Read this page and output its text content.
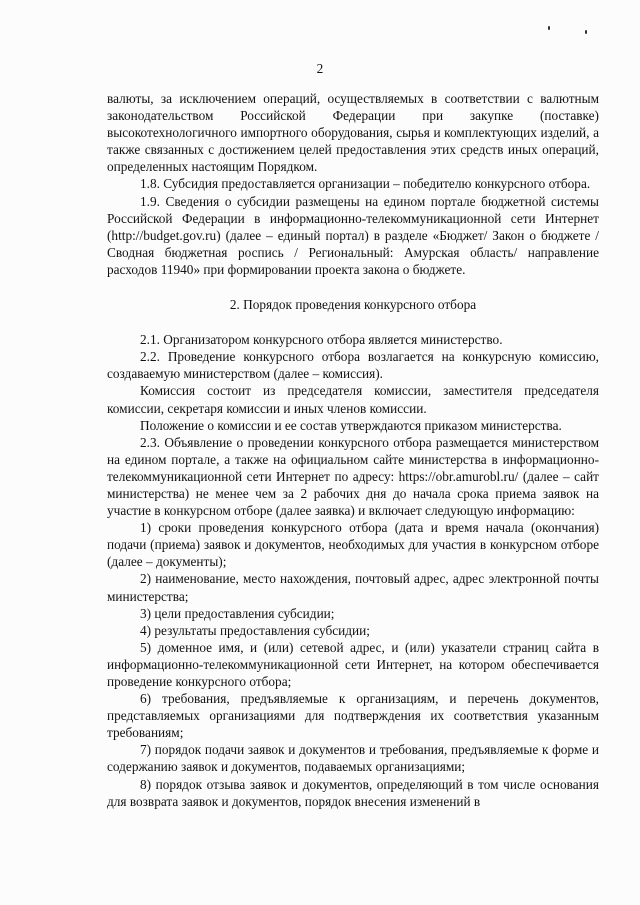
2

валюты, за исключением операций, осуществляемых в соответствии с валютным законодательством Российской Федерации при закупке (поставке) высокотехнологичного импортного оборудования, сырья и комплектующих изделий, а также связанных с достижением целей предоставления этих средств иных операций, определенных настоящим Порядком.

1.8. Субсидия предоставляется организации – победителю конкурсного отбора.

1.9. Сведения о субсидии размещены на едином портале бюджетной системы Российской Федерации в информационно-телекоммуникационной сети Интернет (http://budget.gov.ru) (далее – единый портал) в разделе «Бюджет/ Закон о бюджете / Сводная бюджетная роспись / Региональный: Амурская область/ направление расходов 11940» при формировании проекта закона о бюджете.

2. Порядок проведения конкурсного отбора

2.1. Организатором конкурсного отбора является министерство.

2.2. Проведение конкурсного отбора возлагается на конкурсную комиссию, создаваемую министерством (далее – комиссия).

Комиссия состоит из председателя комиссии, заместителя председателя комиссии, секретаря комиссии и иных членов комиссии.

Положение о комиссии и ее состав утверждаются приказом министерства.

2.3. Объявление о проведении конкурсного отбора размещается министерством на едином портале, а также на официальном сайте министерства в информационно-телекоммуникационной сети Интернет по адресу: https://obr.amurobl.ru/ (далее – сайт министерства) не менее чем за 2 рабочих дня до начала срока приема заявок на участие в конкурсном отборе (далее заявка) и включает следующую информацию:

1) сроки проведения конкурсного отбора (дата и время начала (окончания) подачи (приема) заявок и документов, необходимых для участия в конкурсном отборе (далее – документы);

2) наименование, место нахождения, почтовый адрес, адрес электронной почты министерства;

3) цели предоставления субсидии;

4) результаты предоставления субсидии;

5) доменное имя, и (или) сетевой адрес, и (или) указатели страниц сайта в информационно-телекоммуникационной сети Интернет, на котором обеспечивается проведение конкурсного отбора;

6) требования, предъявляемые к организациям, и перечень документов, представляемых организациями для подтверждения их соответствия указанным требованиям;

7) порядок подачи заявок и документов и требования, предъявляемые к форме и содержанию заявок и документов, подаваемых организациями;

8) порядок отзыва заявок и документов, определяющий в том числе основания для возврата заявок и документов, порядок внесения изменений в
